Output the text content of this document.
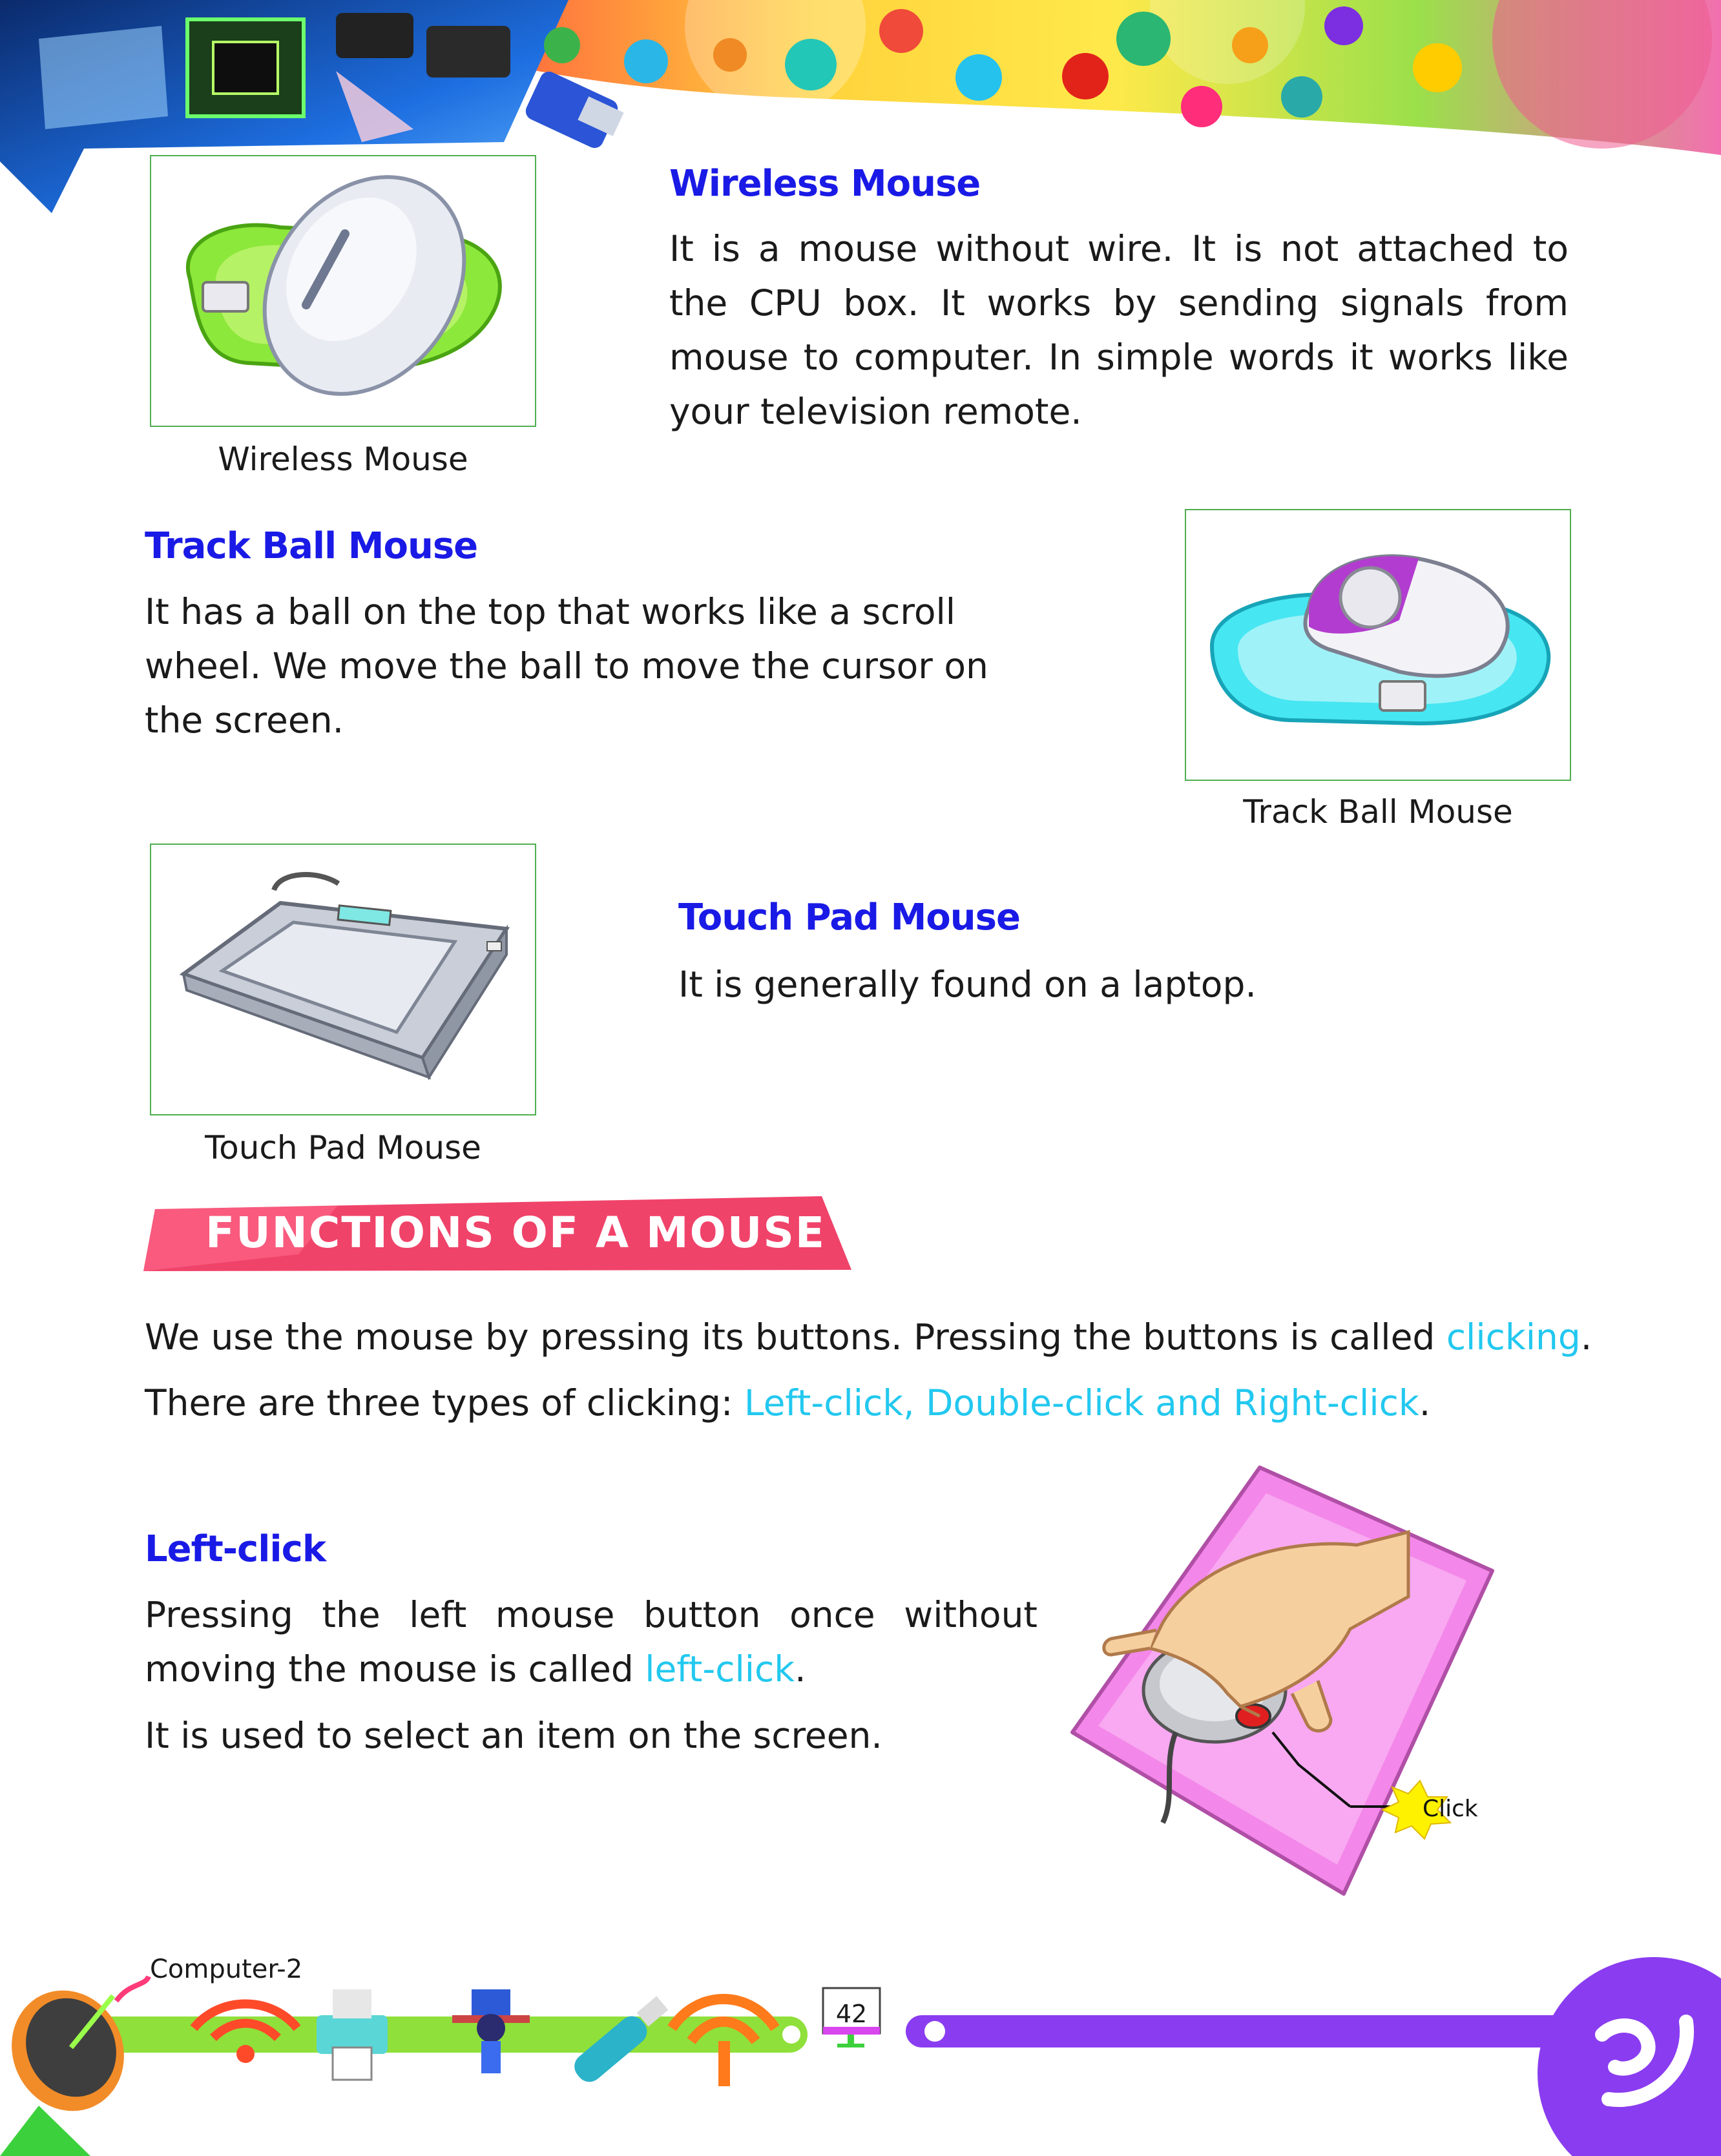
Wireless Mouse
Wireless Mouse
It is a mouse without wire. It is not attached to the CPU box. It works by sending signals from mouse to computer. In simple words it works like your television remote.
Track Ball Mouse
It has a ball on the top that works like a scroll wheel. We move the ball to move the cursor on the screen.
Track Ball Mouse
Touch Pad Mouse
Touch Pad Mouse
It is generally found on a laptop.
FUNCTIONS OF A MOUSE
We use the mouse by pressing its buttons. Pressing the buttons is called clicking.
There are three types of clicking: Left-click, Double-click and Right-click.
Left-click
Pressing the left mouse button once without moving the mouse is called left-click.
It is used to select an item on the screen.
Click
Computer-2
42
